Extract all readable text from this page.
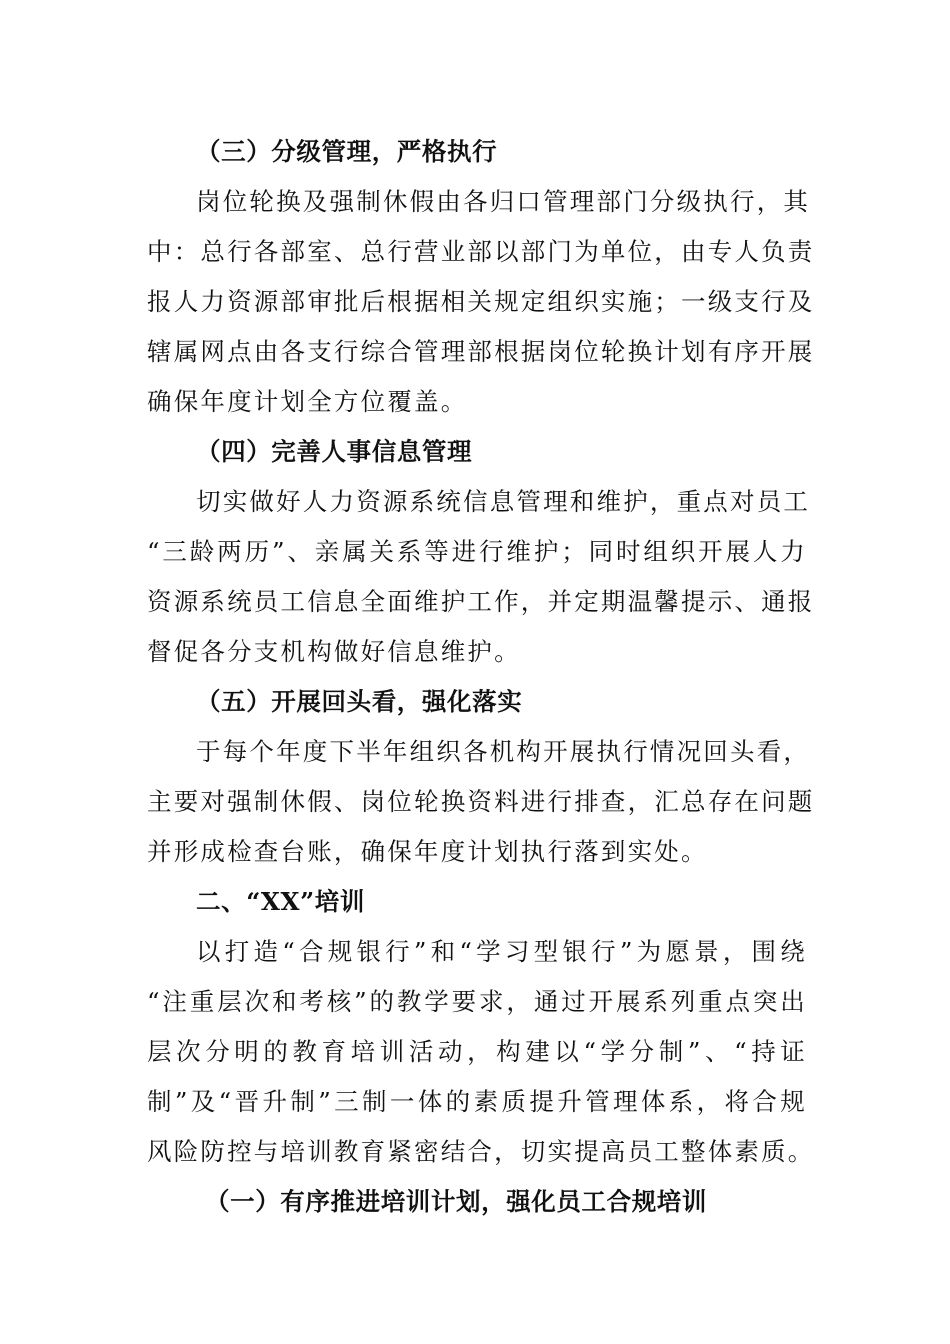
（三）分级管理，严格执行
岗位轮换及强制休假由各归口管理部门分级执行，其
中：总行各部室、总行营业部以部门为单位，由专人负责
报人力资源部审批后根据相关规定组织实施；一级支行及
辖属网点由各支行综合管理部根据岗位轮换计划有序开展
确保年度计划全方位覆盖。
（四）完善人事信息管理
切实做好人力资源系统信息管理和维护，重点对员工
“三龄两历”、亲属关系等进行维护；同时组织开展人力
资源系统员工信息全面维护工作，并定期温馨提示、通报
督促各分支机构做好信息维护。
（五）开展回头看，强化落实
于每个年度下半年组织各机构开展执行情况回头看，
主要对强制休假、岗位轮换资料进行排查，汇总存在问题
并形成检查台账，确保年度计划执行落到实处。
二、“XX”培训
以打造“合规银行”和“学习型银行”为愿景，围绕
“注重层次和考核”的教学要求，通过开展系列重点突出
层次分明的教育培训活动，构建以“学分制”、“持证
制”及“晋升制”三制一体的素质提升管理体系，将合规
风险防控与培训教育紧密结合，切实提高员工整体素质。
（一）有序推进培训计划，强化员工合规培训
